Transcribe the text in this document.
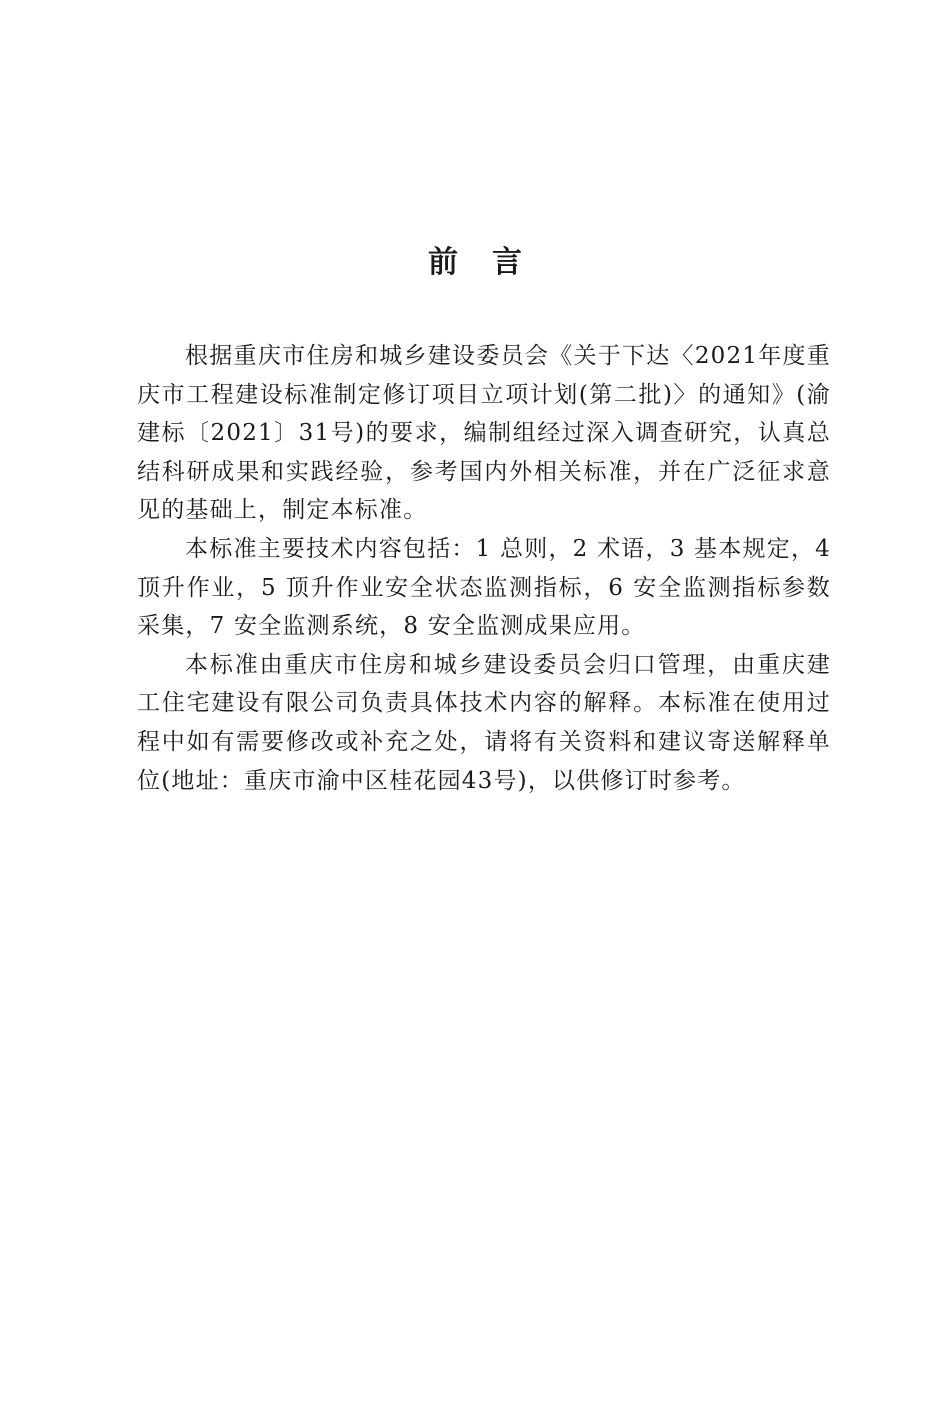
前言

根据重庆市住房和城乡建设委员会《关于下达〈2021年度重庆市工程建设标准制定修订项目立项计划(第二批)〉的通知》(渝建标〔2021〕31号)的要求，编制组经过深入调查研究，认真总结科研成果和实践经验，参考国内外相关标准，并在广泛征求意见的基础上，制定本标准。

本标准主要技术内容包括：1 总则，2 术语，3 基本规定，4 顶升作业，5 顶升作业安全状态监测指标，6 安全监测指标参数采集，7 安全监测系统，8 安全监测成果应用。

本标准由重庆市住房和城乡建设委员会归口管理，由重庆建工住宅建设有限公司负责具体技术内容的解释。本标准在使用过程中如有需要修改或补充之处，请将有关资料和建议寄送解释单位(地址：重庆市渝中区桂花园43号)，以供修订时参考。
